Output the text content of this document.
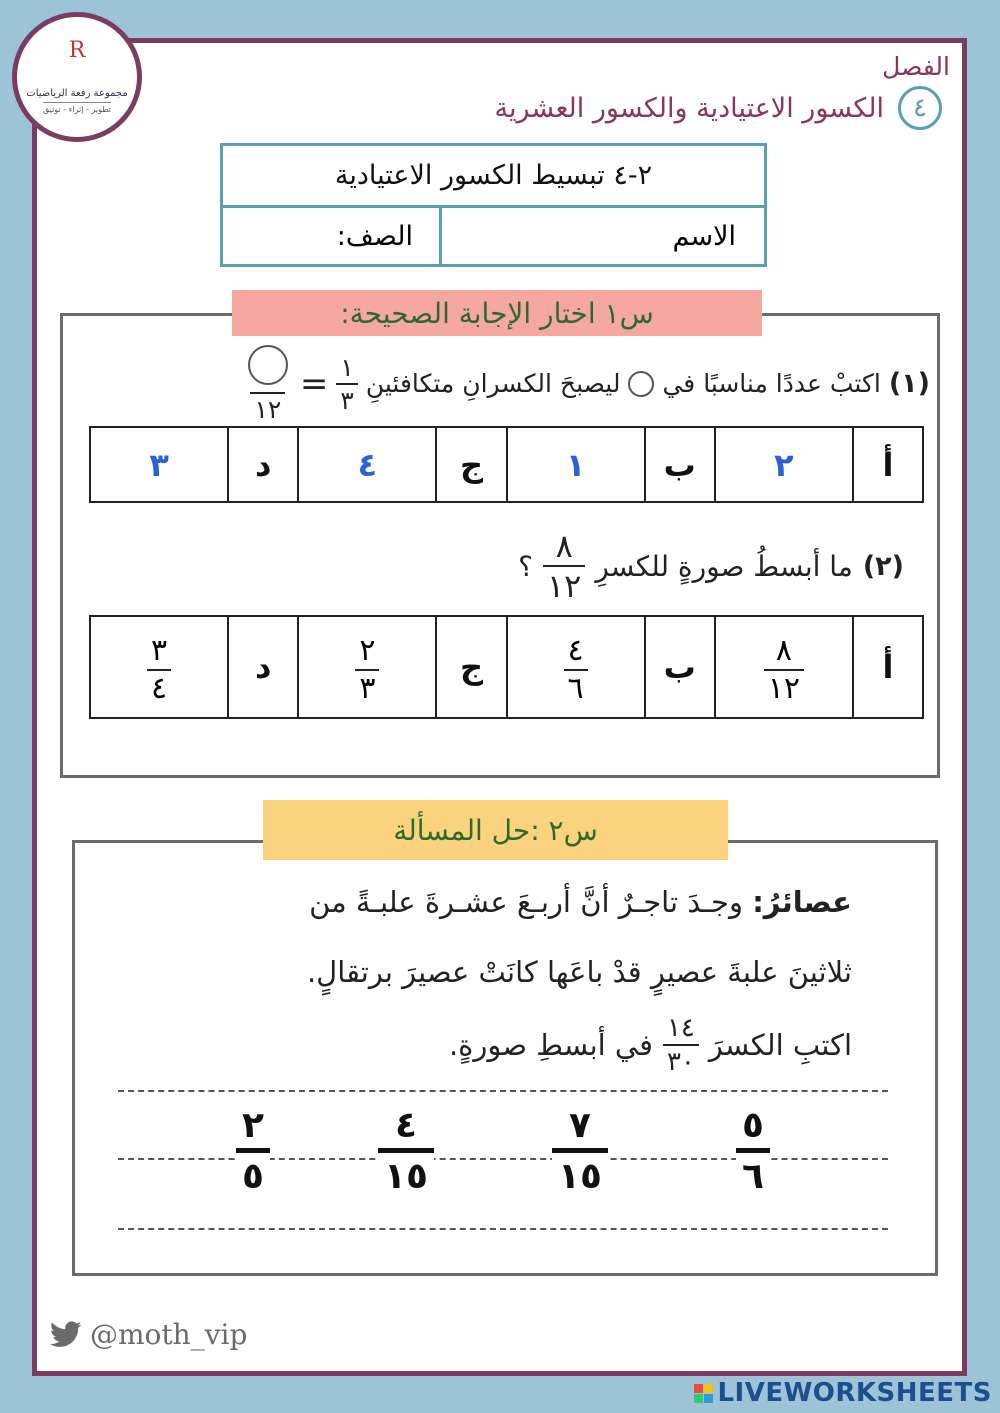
$^R$
مجموعة رفعة الرياضيات
تطوير - إثراء - توثيق
الفصل
٤
الكسور الاعتيادية والكسور العشرية
٢-٤ تبسيط الكسور الاعتيادية
الاسم
الصف:
س١ اختار الإجابة الصحيحة:
(١)
اكتبْ عددًا مناسبًا في
ليصبحَ الكسرانِ متكافئينِ
$\frac{١}{٣}$
=
١٢
أ	٢	ب	١	ج	٤	د	٣
(٢)
ما أبسطُ صورةٍ للكسرِ
$\frac{٨}{١٢}$
؟
أ	
$\frac{٨}{١٢}$
	ب	
$\frac{٤}{٦}$
	ج	
$\frac{٢}{٣}$
	د	
$\frac{٣}{٤}$
س٢ :حل المسألة
عصائرُ: وجـدَ تاجـرٌ أنَّ أربـعَ عشـرةَ علبـةً من
ثلاثينَ علبةَ عصيرٍ قدْ باعَها كانَتْ عصيرَ برتقالٍ.
اكتبِ الكسرَ
$\frac{١٤}{٣٠}$
في أبسطِ صورةٍ.
٥
٦
٧
١٥
٤
١٥
٢
٥
@moth_vip
LIVEWORKSHEETS
